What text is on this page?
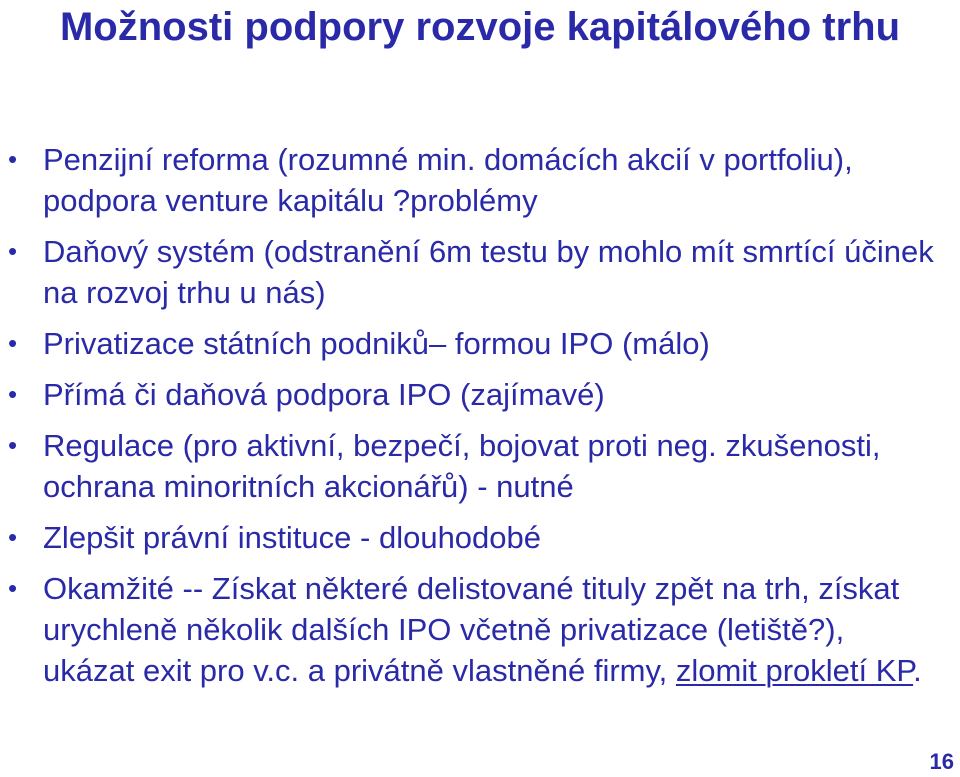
Možnosti podpory rozvoje kapitálového trhu
• Penzijní reforma (rozumné min. domácích akcií v portfoliu), podpora venture kapitálu ?problémy
• Daňový systém (odstranění 6m testu by mohlo mít smrtící účinek na rozvoj trhu u nás)
• Privatizace státních podniků– formou IPO (málo)
• Přímá či daňová podpora IPO (zajímavé)
• Regulace (pro aktivní, bezpečí, bojovat proti neg. zkušenosti, ochrana minoritních akcionářů) - nutné
• Zlepšit právní instituce - dlouhodobé
• Okamžité -- Získat některé delistované tituly zpět na trh, získat urychleně několik dalších IPO včetně privatizace (letiště?), ukázat exit pro v.c. a privátně vlastněné firmy, zlomit prokletí KP.
16
